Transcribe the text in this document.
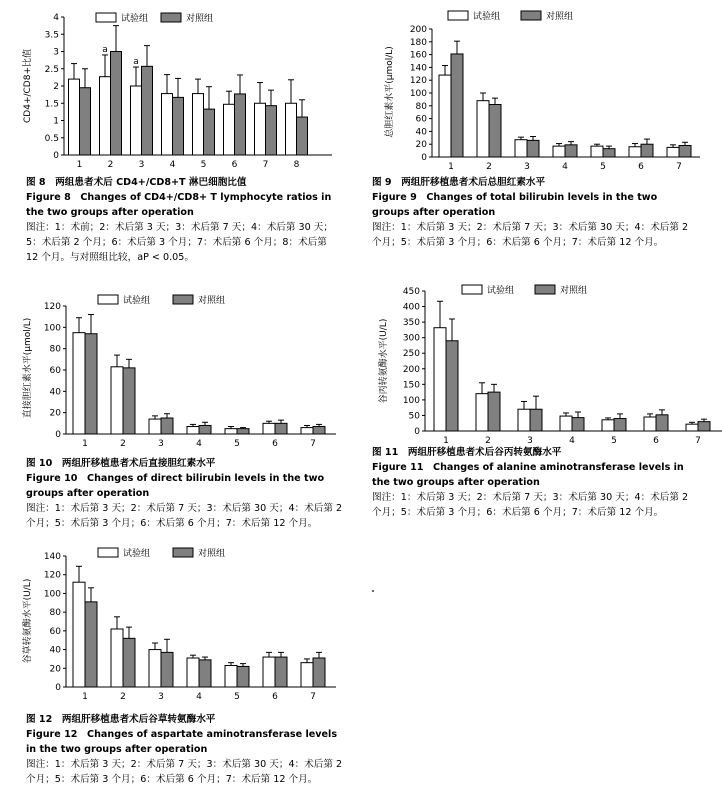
0
0.5
1
1.5
2
2.5
3
3.5
4
CD4+/CD8+比值
1	2	3	4	5	6	7	8
a
a
试验组	对照组
图 8　两组患者术后 CD4+/CD8+T 淋巴细胞比值
Figure 8　Changes of CD4+/CD8+ T lymphocyte ratios in the two groups after operation
图注：1：术前；2：术后第 3 天；3：术后第 7 天；4：术后第 30 天；5：术后第 2 个月；6：术后第 3 个月；7：术后第 6 个月；8：术后第 12 个月。与对照组比较，aP < 0.05。
0
20
40
60
80
100
120
140
160
180
200
总胆红素水平(μmol/L)
1	2	3	4	5	6	7
试验组	对照组
图 9　两组肝移植患者术后总胆红素水平
Figure 9　Changes of total bilirubin levels in the two groups after operation
图注：1：术后第 3 天；2：术后第 7 天；3：术后第 30 天；4：术后第 2 个月；5：术后第 3 个月；6：术后第 6 个月；7：术后第 12 个月。
0
20
40
60
80
100
120
直接胆红素水平(μmol/L)
1	2	3	4	5	6	7
试验组	对照组
图 10　两组肝移植患者术后直接胆红素水平
Figure 10　Changes of direct bilirubin levels in the two groups after operation
图注：1：术后第 3 天；2：术后第 7 天；3：术后第 30 天；4：术后第 2 个月；5：术后第 3 个月；6：术后第 6 个月；7：术后第 12 个月。
0
50
100
150
200
250
300
350
400
450
谷丙转氨酶水平(U/L)
1	2	3	4	5	6	7
试验组	对照组
图 11　两组肝移植患者术后谷丙转氨酶水平
Figure 11　Changes of alanine aminotransferase levels in the two groups after operation
图注：1：术后第 3 天；2：术后第 7 天；3：术后第 30 天；4：术后第 2 个月；5：术后第 3 个月；6：术后第 6 个月；7：术后第 12 个月。
0
20
40
60
80
100
120
140
谷草转氨酶水平(U/L)
1	2	3	4	5	6	7
试验组	对照组
图 12　两组肝移植患者术后谷草转氨酶水平
Figure 12　Changes of aspartate aminotransferase levels in the two groups after operation
图注：1：术后第 3 天；2：术后第 7 天；3：术后第 30 天；4：术后第 2 个月；5：术后第 3 个月；6：术后第 6 个月；7：术后第 12 个月。
